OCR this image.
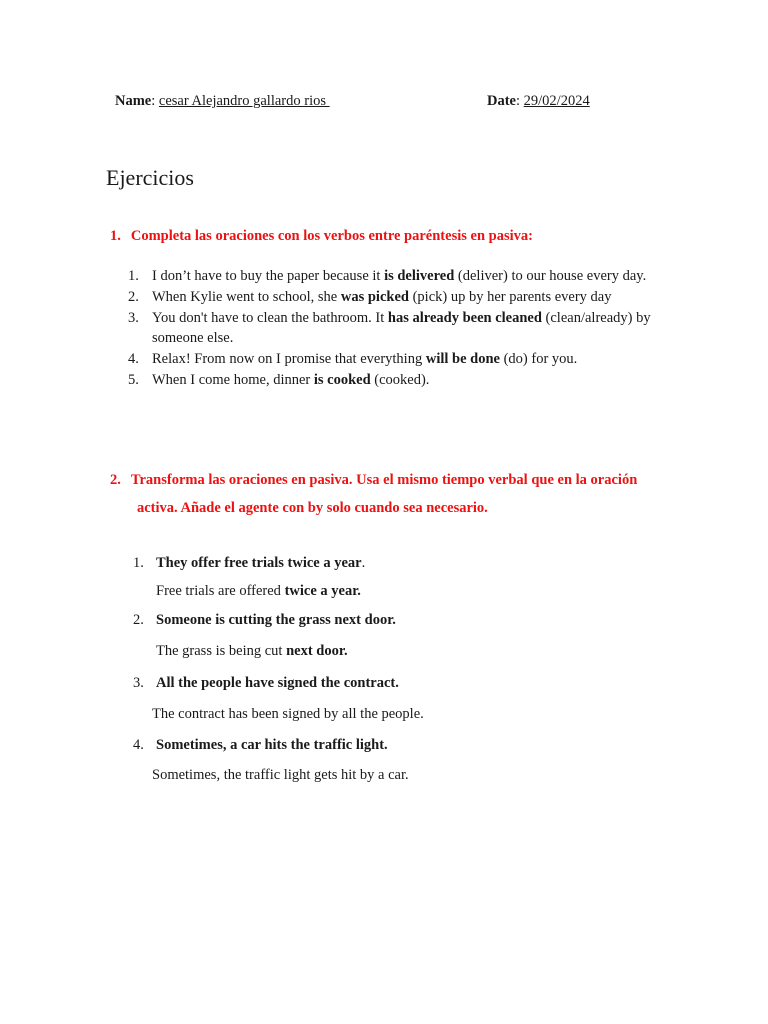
Name: cesar Alejandro gallardo rios	Date: 29/02/2024
Ejercicios
1. Completa las oraciones con los verbos entre paréntesis en pasiva:
1. I don’t have to buy the paper because it is delivered (deliver) to our house every day.
2. When Kylie went to school, she was picked (pick) up by her parents every day
3. You don't have to clean the bathroom. It has already been cleaned (clean/already) by someone else.
4. Relax! From now on I promise that everything will be done (do) for you.
5. When I come home, dinner is cooked (cooked).
2. Transforma las oraciones en pasiva. Usa el mismo tiempo verbal que en la oración
activa. Añade el agente con by solo cuando sea necesario.
1. They offer free trials twice a year.
Free trials are offered twice a year.
2. Someone is cutting the grass next door.
The grass is being cut next door.
3. All the people have signed the contract.
The contract has been signed by all the people.
4. Sometimes, a car hits the traffic light.
Sometimes, the traffic light gets hit by a car.
